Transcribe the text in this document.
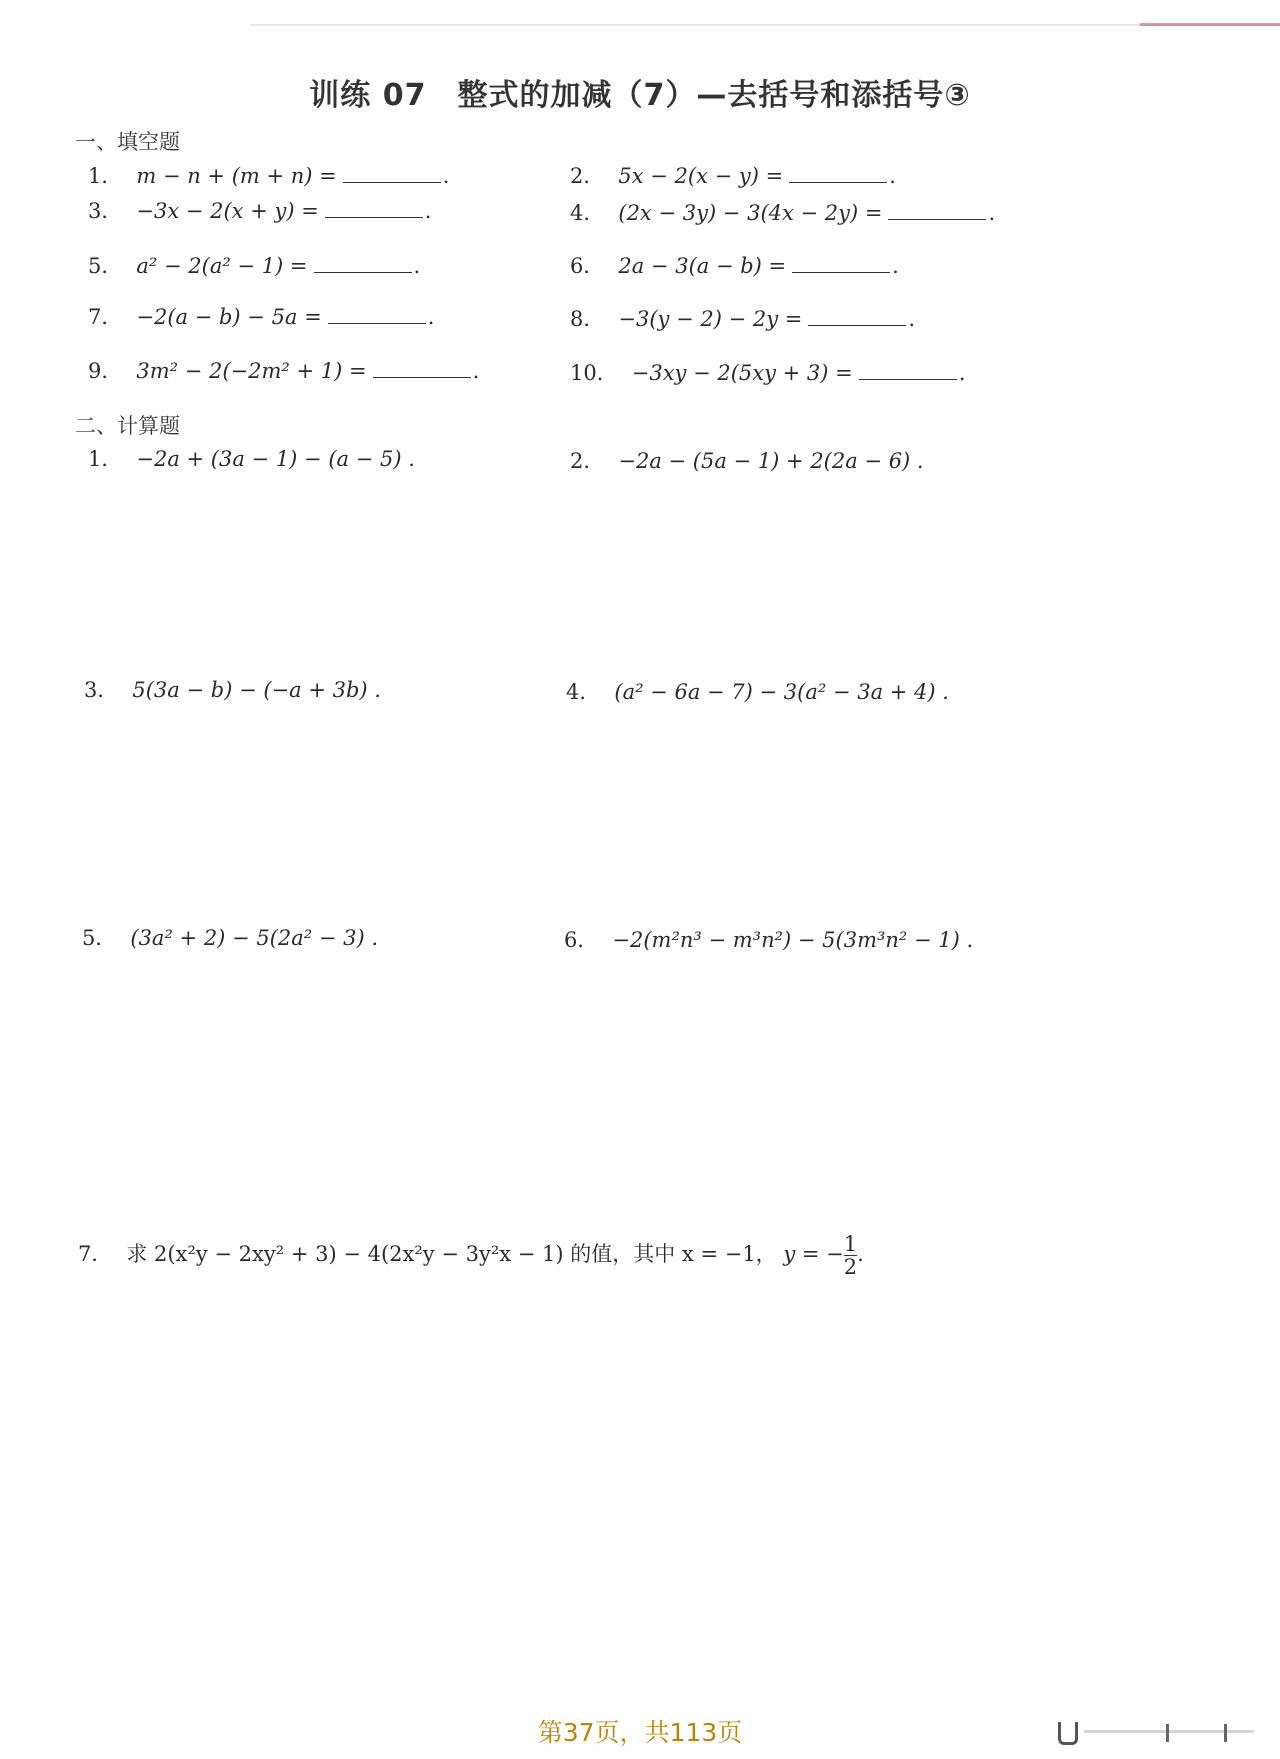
训练 07　整式的加减（7）—去括号和添括号③
一、填空题
1． m − n + (m + n) =	.	2． 5x − 2(x − y) =	.
3． −3x − 2(x + y) =	.	4． (2x − 3y) − 3(4x − 2y) =	.
5． a² − 2(a² − 1) =	.	6． 2a − 3(a − b) =	.
7． −2(a − b) − 5a =	.	8． −3(y − 2) − 2y =	.
9． 3m² − 2(−2m² + 1) =	.	10． −3xy − 2(5xy + 3) =	.
二、计算题
1． −2a + (3a − 1) − (a − 5) .	2． −2a − (5a − 1) + 2(2a − 6) .
3． 5(3a − b) − (−a + 3b) .	4． (a² − 6a − 7) − 3(a² − 3a + 4) .
5． (3a² + 2) − 5(2a² − 3) .	6． −2(m²n³ − m³n²) − 5(3m³n² − 1) .
7． 求 2(x²y − 2xy² + 3) − 4(2x²y − 3y²x − 1) 的值，其中 x = −1， y = − $\frac{1}{2}$ .
第37页，共113页
